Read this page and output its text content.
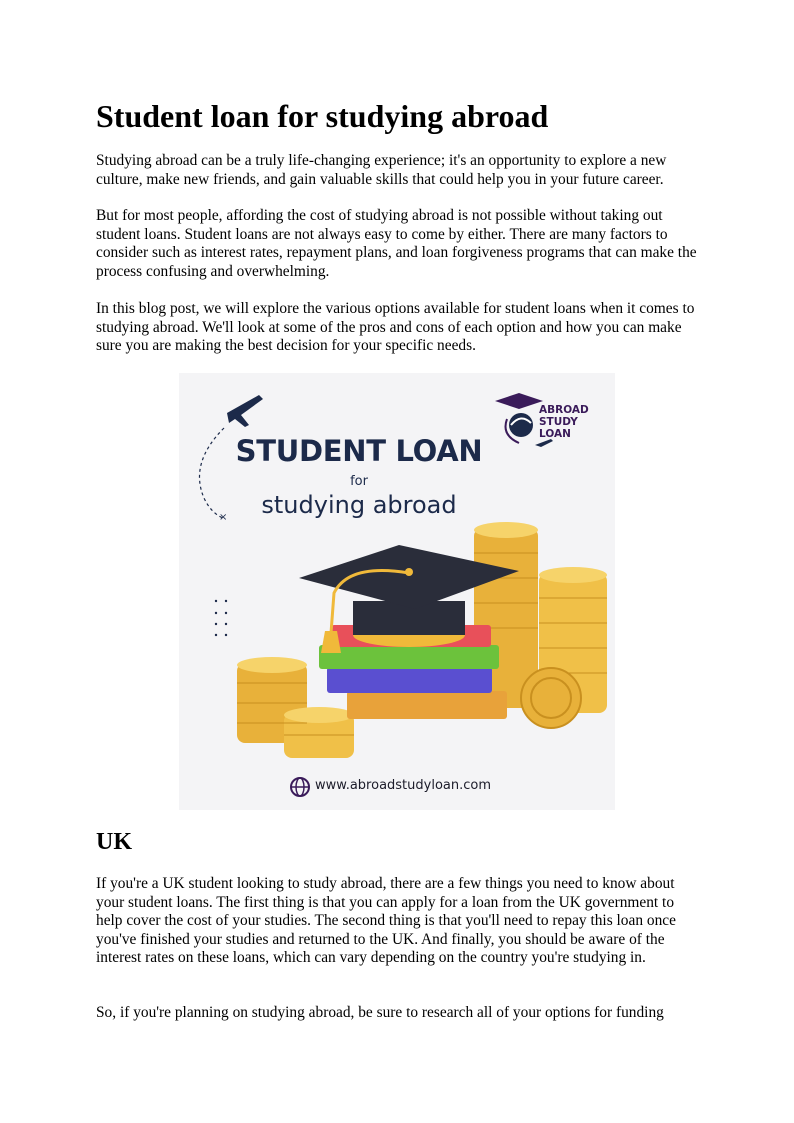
Student loan for studying abroad

Studying abroad can be a truly life-changing experience; it's an opportunity to explore a new culture, make new friends, and gain valuable skills that could help you in your future career.

But for most people, affording the cost of studying abroad is not possible without taking out student loans. Student loans are not always easy to come by either. There are many factors to consider such as interest rates, repayment plans, and loan forgiveness programs that can make the process confusing and overwhelming.

In this blog post, we will explore the various options available for student loans when it comes to studying abroad. We'll look at some of the pros and cons of each option and how you can make sure you are making the best decision for your specific needs.

UK

If you're a UK student looking to study abroad, there are a few things you need to know about your student loans. The first thing is that you can apply for a loan from the UK government to help cover the cost of your studies. The second thing is that you'll need to repay this loan once you've finished your studies and returned to the UK. And finally, you should be aware of the interest rates on these loans, which can vary depending on the country you're studying in.

So, if you're planning on studying abroad, be sure to research all of your options for funding

×
STUDENT LOAN
for
studying abroad
ABROAD
STUDY
LOAN
www.abroadstudyloan.com
